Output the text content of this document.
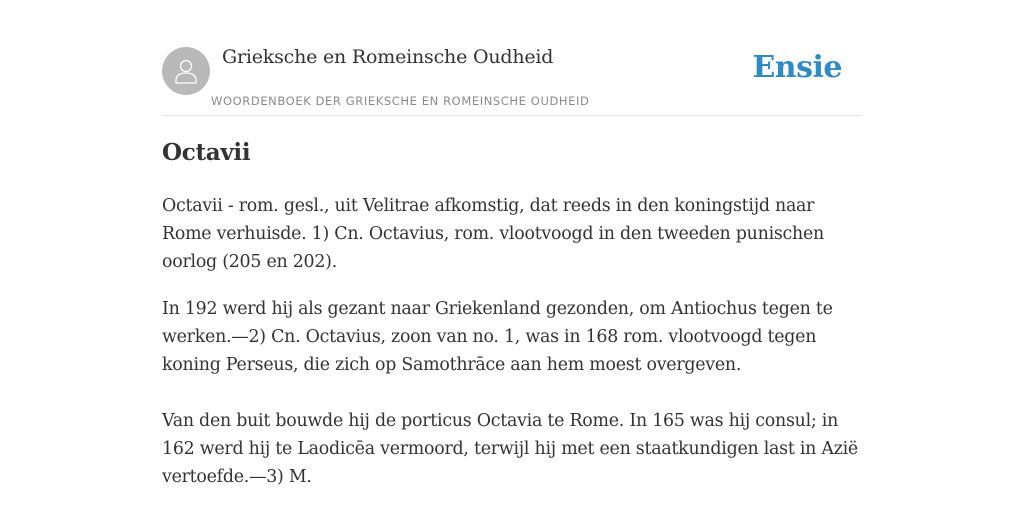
Grieksche en Romeinsche Oudheid
WOORDENBOEK DER GRIEKSCHE EN ROMEINSCHE OUDHEID
Ensie
Octavii

Octavii - rom. gesl., uit Velitrae afkomstig, dat reeds in den koningstijd naar Rome verhuisde. 1) Cn. Octavius, rom. vlootvoogd in den tweeden punischen oorlog (205 en 202).

In 192 werd hij als gezant naar Griekenland gezonden, om Antiochus tegen te werken.—2) Cn. Octavius, zoon van no. 1, was in 168 rom. vlootvoogd tegen koning Perseus, die zich op Samothrāce aan hem moest overgeven.

Van den buit bouwde hij de porticus Octavia te Rome. In 165 was hij consul; in 162 werd hij te Laodicēa vermoord, terwijl hij met een staatkundigen last in Azië vertoefde.—3) M.
